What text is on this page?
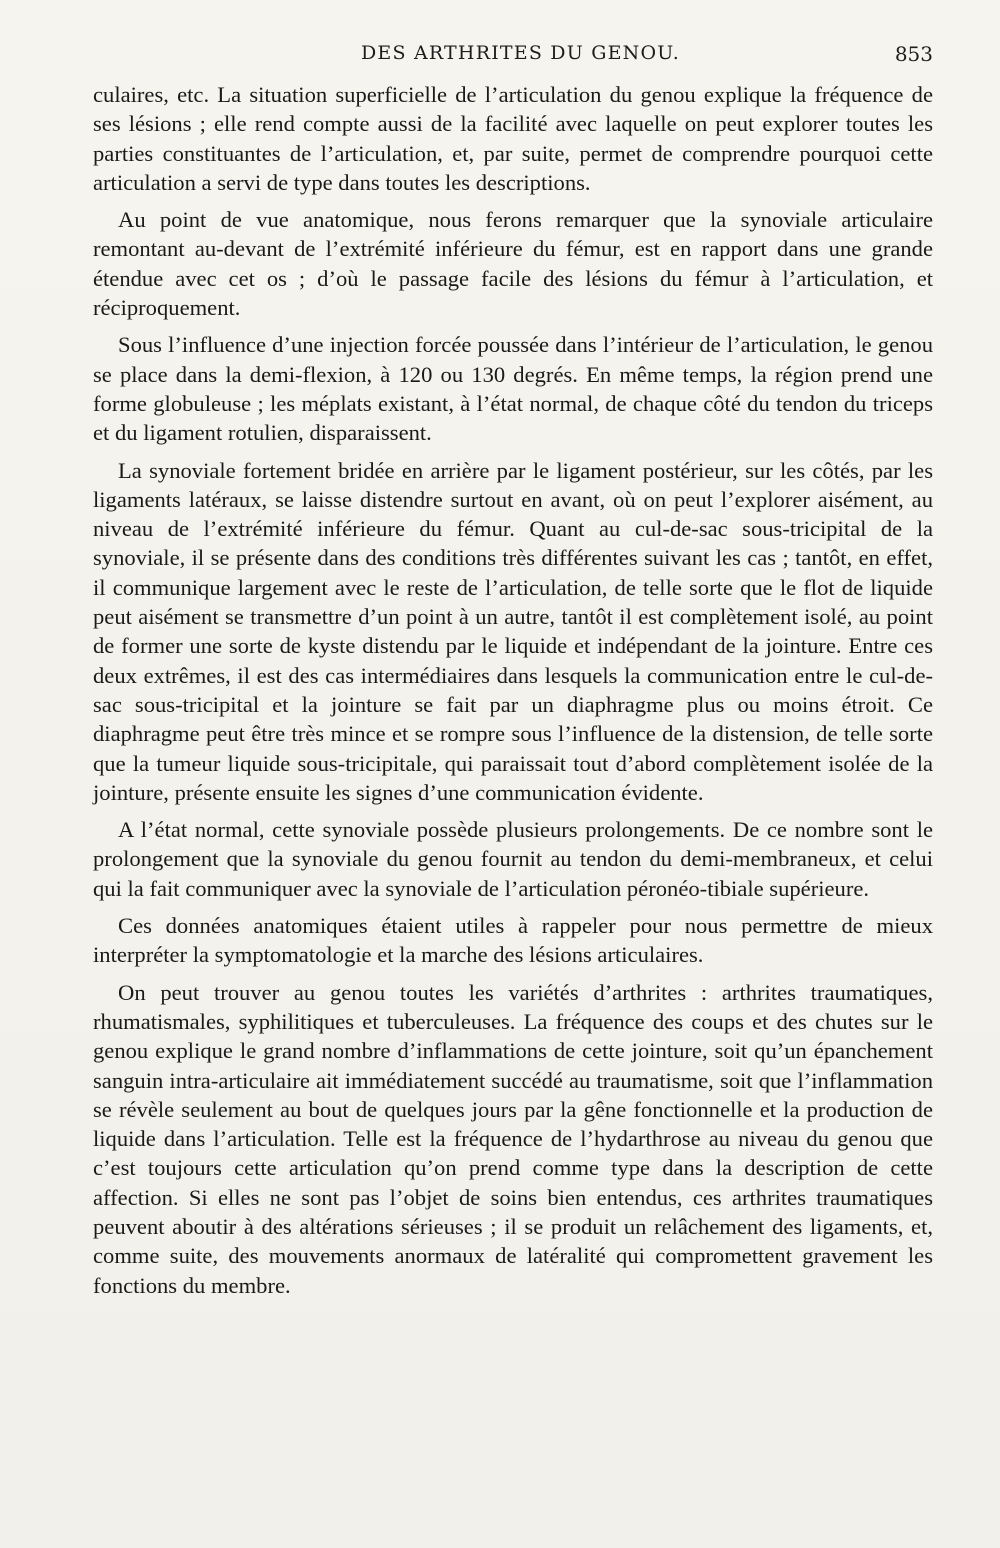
DES ARTHRITES DU GENOU.	853

culaires, etc. La situation superficielle de l’articulation du genou explique la fréquence de ses lésions ; elle rend compte aussi de la facilité avec laquelle on peut explorer toutes les parties constituantes de l’articulation, et, par suite, permet de comprendre pourquoi cette articulation a servi de type dans toutes les descriptions.

Au point de vue anatomique, nous ferons remarquer que la synoviale articulaire remontant au-devant de l’extrémité inférieure du fémur, est en rapport dans une grande étendue avec cet os ; d’où le passage facile des lésions du fémur à l’articulation, et réciproquement.

Sous l’influence d’une injection forcée poussée dans l’intérieur de l’articulation, le genou se place dans la demi-flexion, à 120 ou 130 degrés. En même temps, la région prend une forme globuleuse ; les méplats existant, à l’état normal, de chaque côté du tendon du triceps et du ligament rotulien, disparaissent.

La synoviale fortement bridée en arrière par le ligament postérieur, sur les côtés, par les ligaments latéraux, se laisse distendre surtout en avant, où on peut l’explorer aisément, au niveau de l’extrémité inférieure du fémur. Quant au cul-de-sac sous-tricipital de la synoviale, il se présente dans des conditions très différentes suivant les cas ; tantôt, en effet, il communique largement avec le reste de l’articulation, de telle sorte que le flot de liquide peut aisément se transmettre d’un point à un autre, tantôt il est complètement isolé, au point de former une sorte de kyste distendu par le liquide et indépendant de la jointure. Entre ces deux extrêmes, il est des cas intermédiaires dans lesquels la communication entre le cul-de-sac sous-tricipital et la jointure se fait par un diaphragme plus ou moins étroit. Ce diaphragme peut être très mince et se rompre sous l’influence de la distension, de telle sorte que la tumeur liquide sous-tricipitale, qui paraissait tout d’abord complètement isolée de la jointure, présente ensuite les signes d’une communication évidente.

A l’état normal, cette synoviale possède plusieurs prolongements. De ce nombre sont le prolongement que la synoviale du genou fournit au tendon du demi-membraneux, et celui qui la fait communiquer avec la synoviale de l’articulation péronéo-tibiale supérieure.

Ces données anatomiques étaient utiles à rappeler pour nous permettre de mieux interpréter la symptomatologie et la marche des lésions articulaires.

On peut trouver au genou toutes les variétés d’arthrites : arthrites traumatiques, rhumatismales, syphilitiques et tuberculeuses. La fréquence des coups et des chutes sur le genou explique le grand nombre d’inflammations de cette jointure, soit qu’un épanchement sanguin intra-articulaire ait immédiatement succédé au traumatisme, soit que l’inflammation se révèle seulement au bout de quelques jours par la gêne fonctionnelle et la production de liquide dans l’articulation. Telle est la fréquence de l’hydarthrose au niveau du genou que c’est toujours cette articulation qu’on prend comme type dans la description de cette affection. Si elles ne sont pas l’objet de soins bien entendus, ces arthrites traumatiques peuvent aboutir à des altérations sérieuses ; il se produit un relâchement des ligaments, et, comme suite, des mouvements anormaux de latéralité qui compromettent gravement les fonctions du membre.
